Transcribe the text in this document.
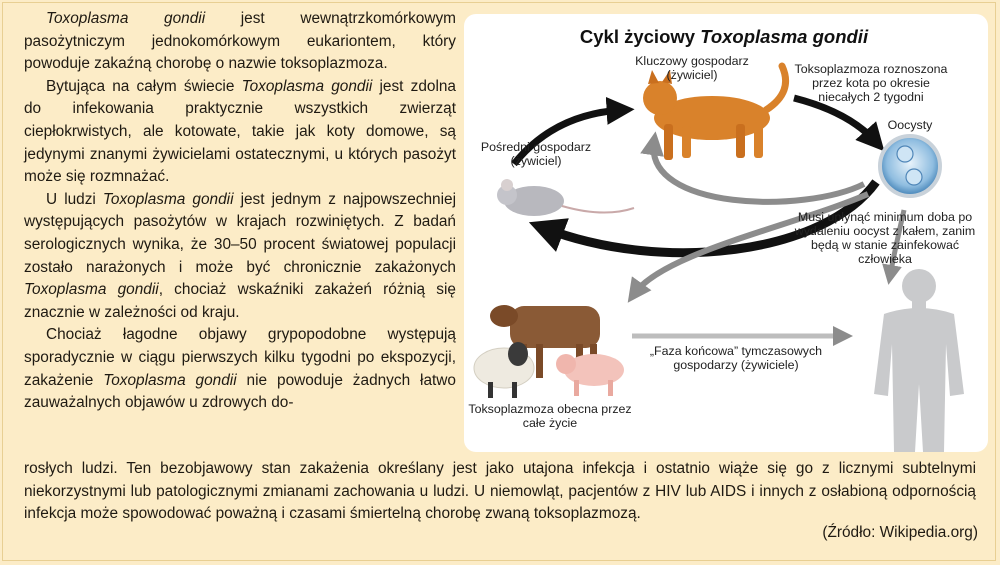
Toxoplasma gondii jest wewnątrzkomórkowym pasożytniczym jednokomórkowym eukariontem, który powoduje zakaźną chorobę o nazwie toksoplazmoza.

Bytująca na całym świecie Toxoplasma gondii jest zdolna do infekowania praktycznie wszystkich zwierząt ciepłokrwistych, ale kotowate, takie jak koty domowe, są jedynymi znanymi żywicielami ostatecznymi, u których pasożyt może się rozmnażać.

U ludzi Toxoplasma gondii jest jednym z najpowszechniej występujących pasożytów w krajach rozwiniętych. Z badań serologicznych wynika, że 30–50 procent światowej populacji zostało narażonych i może być chronicznie zakażonych Toxoplasma gondii, chociaż wskaźniki zakażeń różnią się znacznie w zależności od kraju.

Chociaż łagodne objawy grypopodobne występują sporadycznie w ciągu pierwszych kilku tygodni po ekspozycji, zakażenie Toxoplasma gondii nie powoduje żadnych łatwo zauważalnych objawów u zdrowych do-

rosłych ludzi. Ten bezobjawowy stan zakażenia określany jest jako utajona infekcja i ostatnio wiąże się go z licznymi subtelnymi niekorzystnymi lub patologicznymi zmianami zachowania u ludzi. U niemowląt, pacjentów z HIV lub AIDS i innych z osłabioną odpornością infekcja może spowodować poważną i czasami śmiertelną chorobę zwaną toksoplazmozą.
(Źródło: Wikipedia.org)
Cykl życiowy Toxoplasma gondii
Kluczowy gospodarz (żywiciel)	Toksoplazmoza roznoszona przez kota po okresie niecałych 2 tygodni
Oocysty
Pośredni gospodarz (żywiciel)
Musi upłynąć minimum doba po wydaleniu oocyst z kałem, zanim będą w stanie zainfekować człowieka
„Faza końcowa” tymczasowych gospodarzy (żywiciele)
Toksoplazmoza obecna przez całe życie
